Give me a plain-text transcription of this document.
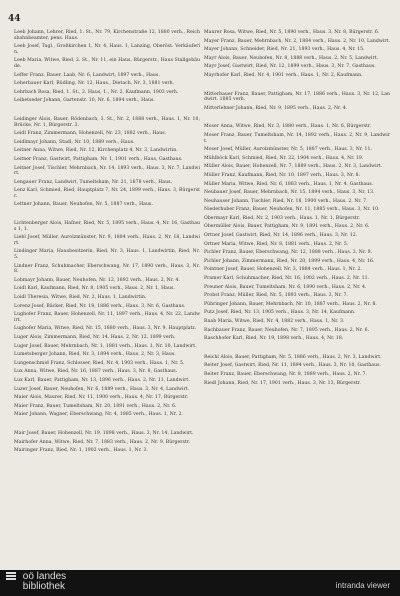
44
Leeb Johann, Lehrer, Ried, 1. St., Nr. 79, Kirchenstraße 12, 1880 verh., Reichsbahnbeamter, pens. Haus.
Leeb Josef, Tagl., Großkirchen 1, Nr. 4, Haus. 1, Lanzing, Oberöst. Verkäuferin.
Leeb Maria, Witwe, Ried, 2. St., Nr. 11, ein Haus, Bürgerstr., Haus Stallgebäude.
Leffer Franz, Bauer, Laab, Nr. 6, Landwirt, 1897 verh., Haus.
Leherbauer Karl, Rüdling, Nr. 12, Haus., Dietach, Nr. 3, 1881 verh.
Lehrbach Rosa, Ried, 1. St., 2. Haus, 1., Nr. 2, Kaufmann, 1903 verh.
Leibetseder Johann, Gartenstr. 10, Nr. 6, 1894 verh., Haus.
Leidinger Alois, Bauer, Rödenbach, 3. St., Nr. 2, 1888 verh., Haus. 1, Nr. 10, Brücke, Nr. 1, Bürgerstr. 3.
Leidl Franz, Zimmermann, Hohenzell, Nr. 23, 1882 verh., Haus.
Leidlmayr Johann, Stadl, Nr. 10, 1889 verh., Haus.
Leitner Anna, Witwe, Ried, Nr. 12, Kirchenplatz 4, Nr. 3, Landwirtin.
Leitner Franz, Gastwirt, Pattigham, Nr. 1, 1901 verh., Haus, Gasthaus.
Leitner Josef, Tischler, Mehrnbach, Nr. 14, 1893 verh., Haus. 3, Nr. 7, Landwirt.
Lengauer Franz, Landwirt, Tumeltsham, Nr. 21, 1878 verh., Haus.
Lenz Karl, Schmied, Ried, Hauptplatz 7, Nr. 24, 1899 verh., Haus. 3, Bürgerstr.
Lettner Johann, Bauer, Neuhofen, Nr. 5, 1887 verh., Haus.
Lichtenberger Alois, Hafner, Ried, Nr. 5, 1895 verh., Haus. 4, Nr. 16, Gasthaus 1, 1.
Liebl Josef, Müller, Aurolzmünster, Nr. 9, 1884 verh., Haus. 2, Nr. 18, Landwirt.
Lindinger Maria, Hausbesitzerin, Ried, Nr. 3, Haus. 1, Landwirtin, Ried, Nr. 5.
Lindner Franz, Schuhmacher, Eberschwang, Nr. 17, 1890 verh., Haus. 3, Nr. 8.
Lobmayr Johann, Bauer, Neuhofen, Nr. 12, 1892 verh., Haus. 2, Nr. 4.
Loidl Karl, Kaufmann, Ried, Nr. 8, 1905 verh., Haus. 2, Nr. 1, Haus.
Loidl Theresia, Witwe, Ried, Nr. 2, Haus. 1, Landwirtin.
Lorenz Josef, Bäcker, Ried, Nr. 18, 1886 verh., Haus. 3, Nr. 6, Gasthaus.
Lughofer Franz, Bauer, Hohenzell, Nr. 11, 1897 verh., Haus. 4, Nr. 22, Landwirt.
Lughofer Maria, Witwe, Ried, Nr. 15, 1880 verh., Haus. 3, Nr. 9, Hauptplatz.
Luger Alois, Zimmermann, Ried, Nr. 14, Haus. 2, Nr. 12, 1899 verh.
Luger Josef, Bauer, Mehrnbach, Nr. 1, 1881 verh., Haus. 1, Nr. 10, Landwirt.
Lumetsberger Johann, Ried, Nr. 3, 1894 verh., Haus. 2, Nr. 3, Haus.
Lungenschmid Franz, Schlosser, Ried, Nr. 4, 1903 verh., Haus. 1, Nr. 5.
Lux Anna, Witwe, Ried, Nr. 16, 1887 verh., Haus. 3, Nr. 8, Gasthaus.
Lux Karl, Bauer, Pattigham, Nr. 13, 1896 verh., Haus. 2, Nr. 11, Landwirt.
Luzer Josef, Bauer, Neuhofen, Nr. 6, 1889 verh., Haus. 3, Nr. 4, Landwirt.
Maier Alois, Maurer, Ried, Nr. 11, 1900 verh., Haus. 4, Nr. 17, Bürgerstr.
Maier Franz, Bauer, Tumeltsham, Nr. 20, 1891 verh., Haus. 2, Nr. 6.
Maier Johann, Wagner, Eberschwang, Nr. 4, 1885 verh., Haus. 1, Nr. 2.
Mair Josef, Bauer, Hohenzell, Nr. 19, 1898 verh., Haus. 3, Nr. 14, Landwirt.
Mairhofer Anna, Witwe, Ried, Nr. 7, 1883 verh., Haus. 2, Nr. 9, Bürgerstr.
Mairinger Franz, Ried, Nr. 1, 1902 verh., Haus. 1, Nr. 3.
Maurer Rosa, Witwe, Ried, Nr. 5, 1890 verh., Haus. 3, Nr. 8, Bürgerstr. 6.
Mayer Franz, Bauer, Mehrnbach, Nr. 2, 1884 verh., Haus. 2, Nr. 10, Landwirt.
Mayer Johann, Schneider, Ried, Nr. 21, 1893 verh., Haus. 4, Nr. 15.
Mayr Alois, Bauer, Neuhofen, Nr. 8, 1888 verh., Haus. 2, Nr. 5, Landwirt.
Mayr Josef, Gastwirt, Ried, Nr. 12, 1899 verh., Haus. 3, Nr. 7, Gasthaus.
Mayrhofer Karl, Ried, Nr. 4, 1901 verh., Haus. 1, Nr. 2, Kaufmann.
Mitterbauer Franz, Bauer, Pattigham, Nr. 17, 1886 verh., Haus. 3, Nr. 12, Landwirt. 1885 verh.
Mitterlehner Johann, Ried, Nr. 9, 1895 verh., Haus. 2, Nr. 4.
Moser Anna, Witwe, Ried, Nr. 3, 1880 verh., Haus. 1, Nr. 6, Bürgerstr.
Moser Franz, Bauer, Tumeltsham, Nr. 14, 1892 verh., Haus. 2, Nr. 9, Landwirt.
Moser Josef, Müller, Aurolzmünster, Nr. 5, 1887 verh., Haus. 3, Nr. 11.
Mühlböck Karl, Schmied, Ried, Nr. 22, 1904 verh., Haus. 4, Nr. 19.
Müller Alois, Bauer, Hohenzell, Nr. 7, 1889 verh., Haus. 2, Nr. 3, Landwirt.
Müller Franz, Kaufmann, Ried, Nr. 10, 1897 verh., Haus. 3, Nr. 8.
Müller Maria, Witwe, Ried, Nr. 6, 1883 verh., Haus. 1, Nr. 4, Gasthaus.
Neubauer Josef, Bauer, Mehrnbach, Nr. 15, 1894 verh., Haus. 3, Nr. 13.
Neuhauser Johann, Tischler, Ried, Nr. 18, 1900 verh., Haus. 2, Nr. 7.
Niederhuber Franz, Bauer, Neuhofen, Nr. 11, 1885 verh., Haus. 3, Nr. 10.
Obermayr Karl, Ried, Nr. 2, 1903 verh., Haus. 1, Nr. 1, Bürgerstr.
Obermüller Alois, Bauer, Pattigham, Nr. 9, 1891 verh., Haus. 2, Nr. 6.
Ortner Josef, Gastwirt, Ried, Nr. 14, 1896 verh., Haus. 3, Nr. 12.
Ortner Maria, Witwe, Ried, Nr. 8, 1881 verh., Haus. 2, Nr. 5.
Pichler Franz, Bauer, Eberschwang, Nr. 12, 1888 verh., Haus. 3, Nr. 9.
Pichler Johann, Zimmermann, Ried, Nr. 20, 1899 verh., Haus. 4, Nr. 16.
Pointner Josef, Bauer, Hohenzell, Nr. 3, 1884 verh., Haus. 1, Nr. 2.
Pramer Karl, Schuhmacher, Ried, Nr. 16, 1902 verh., Haus. 2, Nr. 11.
Preuner Alois, Bauer, Tumeltsham, Nr. 6, 1890 verh., Haus. 2, Nr. 4.
Probst Franz, Müller, Ried, Nr. 5, 1893 verh., Haus. 3, Nr. 7.
Pühringer Johann, Bauer, Mehrnbach, Nr. 10, 1887 verh., Haus. 2, Nr. 8.
Putz Josef, Ried, Nr. 13, 1905 verh., Haus. 3, Nr. 14, Kaufmann.
Raab Maria, Witwe, Ried, Nr. 4, 1882 verh., Haus. 1, Nr. 3.
Rachbauer Franz, Bauer, Neuhofen, Nr. 7, 1895 verh., Haus. 2, Nr. 6.
Raschhofer Karl, Ried, Nr. 19, 1898 verh., Haus. 4, Nr. 18.
Reichl Alois, Bauer, Pattigham, Nr. 5, 1886 verh., Haus. 2, Nr. 3, Landwirt.
Reiter Josef, Gastwirt, Ried, Nr. 11, 1894 verh., Haus. 3, Nr. 10, Gasthaus.
Reiter Franz, Bauer, Eberschwang, Nr. 8, 1889 verh., Haus. 2, Nr. 7.
Riedl Johann, Ried, Nr. 17, 1901 verh., Haus. 3, Nr. 13, Bürgerstr.

oö landes
bibliothek	intranda viewer
